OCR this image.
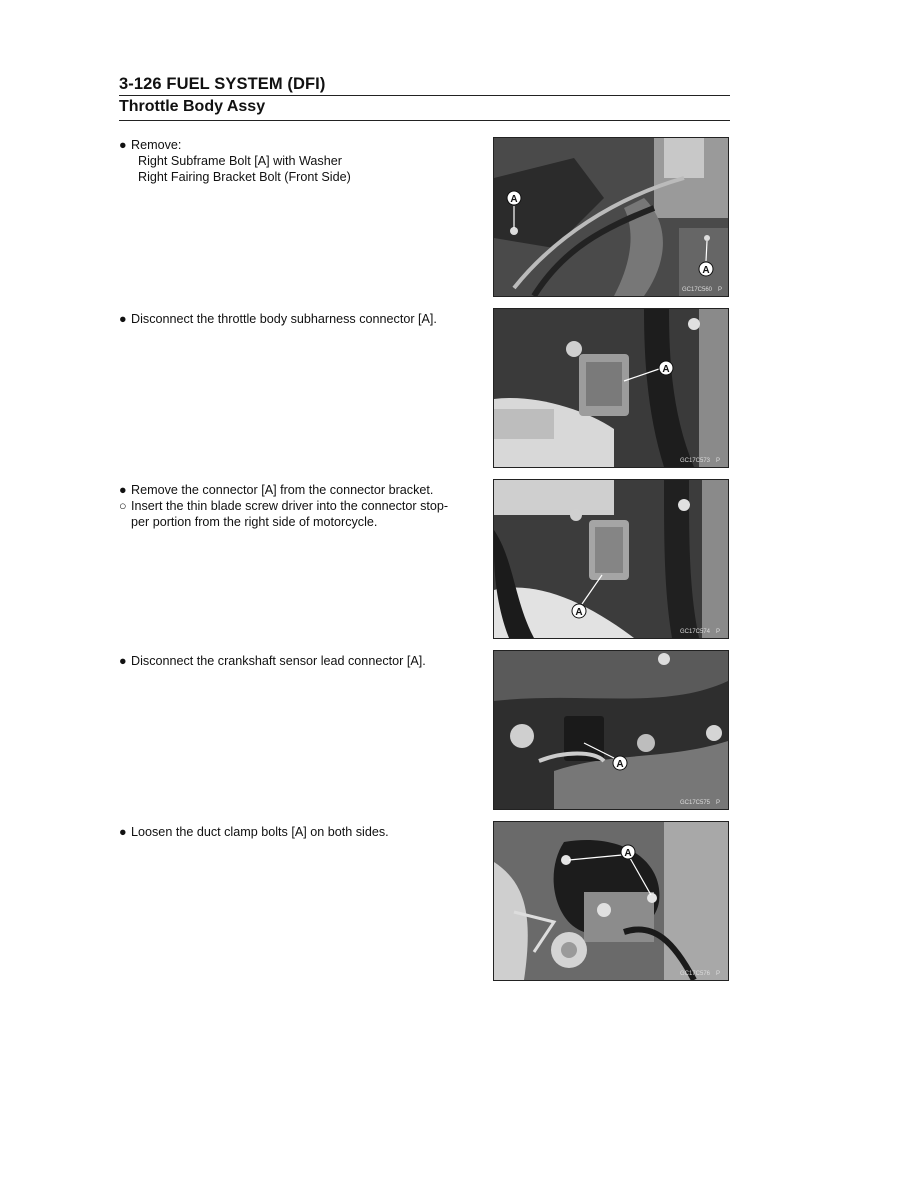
3-126 FUEL SYSTEM (DFI)
Throttle Body Assy
● Remove:
Right Subframe Bolt [A] with Washer
Right Fairing Bracket Bolt (Front Side)
A
A
GC17C560 P
● Disconnect the throttle body subharness connector [A].
A
GC17C573 P
● Remove the connector [A] from the connector bracket.
○ Insert the thin blade screw driver into the connector stop-
per portion from the right side of motorcycle.
A
GC17C574 P
● Disconnect the crankshaft sensor lead connector [A].
A
GC17C575 P
● Loosen the duct clamp bolts [A] on both sides.
A
GC17C576 P
